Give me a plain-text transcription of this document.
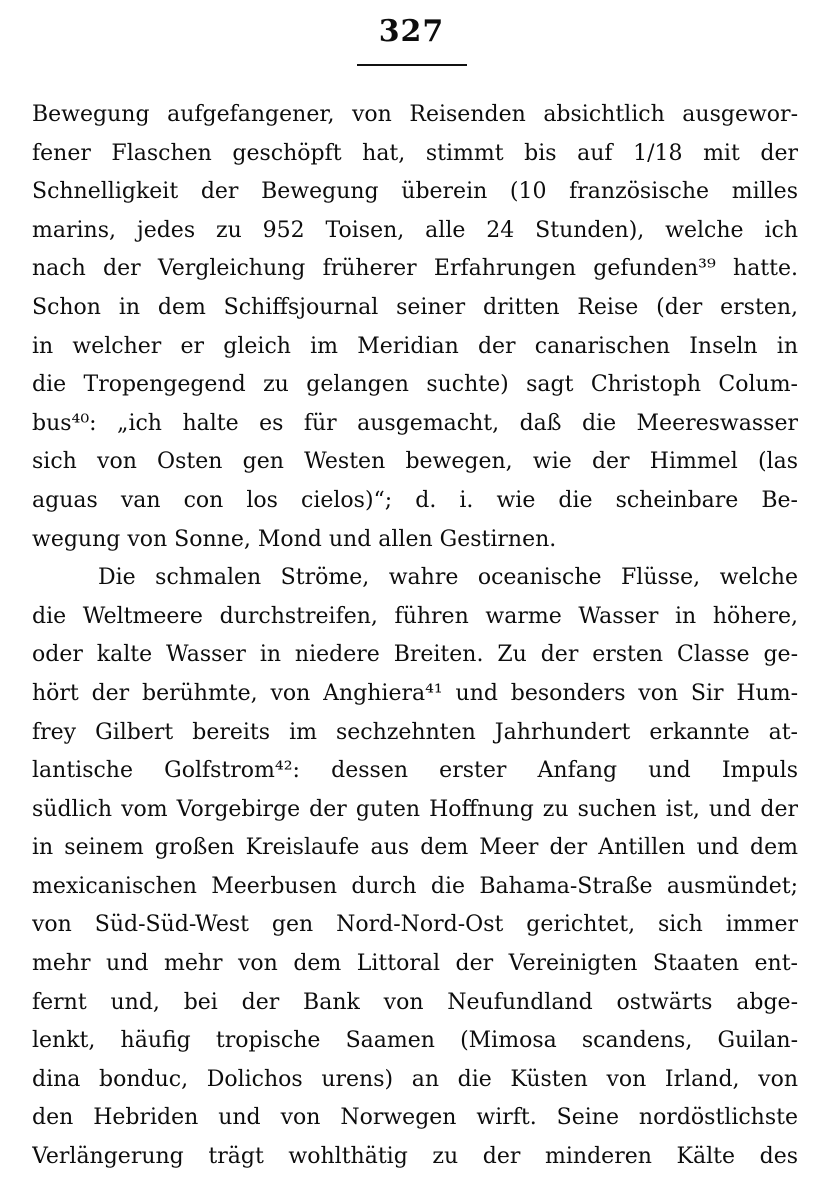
327
Bewegung aufgefangener, von Reisenden absichtlich ausgewor-
fener Flaschen geschöpft hat, stimmt bis auf 1/18 mit der
Schnelligkeit der Bewegung überein (10 französische milles
marins, jedes zu 952 Toisen, alle 24 Stunden), welche ich
nach der Vergleichung früherer Erfahrungen gefunden³⁹ hatte.
Schon in dem Schiffsjournal seiner dritten Reise (der ersten,
in welcher er gleich im Meridian der canarischen Inseln in
die Tropengegend zu gelangen suchte) sagt Christoph Colum-
bus⁴⁰: „ich halte es für ausgemacht, daß die Meereswasser
sich von Osten gen Westen bewegen, wie der Himmel (las
aguas van con los cielos)“; d. i. wie die scheinbare Be-
wegung von Sonne, Mond und allen Gestirnen.
Die schmalen Ströme, wahre oceanische Flüsse, welche
die Weltmeere durchstreifen, führen warme Wasser in höhere,
oder kalte Wasser in niedere Breiten. Zu der ersten Classe ge-
hört der berühmte, von Anghiera⁴¹ und besonders von Sir Hum-
frey Gilbert bereits im sechzehnten Jahrhundert erkannte at-
lantische Golfstrom⁴²: dessen erster Anfang und Impuls
südlich vom Vorgebirge der guten Hoffnung zu suchen ist, und der
in seinem großen Kreislaufe aus dem Meer der Antillen und dem
mexicanischen Meerbusen durch die Bahama-Straße ausmündet;
von Süd-Süd-West gen Nord-Nord-Ost gerichtet, sich immer
mehr und mehr von dem Littoral der Vereinigten Staaten ent-
fernt und, bei der Bank von Neufundland ostwärts abge-
lenkt, häufig tropische Saamen (Mimosa scandens, Guilan-
dina bonduc, Dolichos urens) an die Küsten von Irland, von
den Hebriden und von Norwegen wirft. Seine nordöstlichste
Verlängerung trägt wohlthätig zu der minderen Kälte des
